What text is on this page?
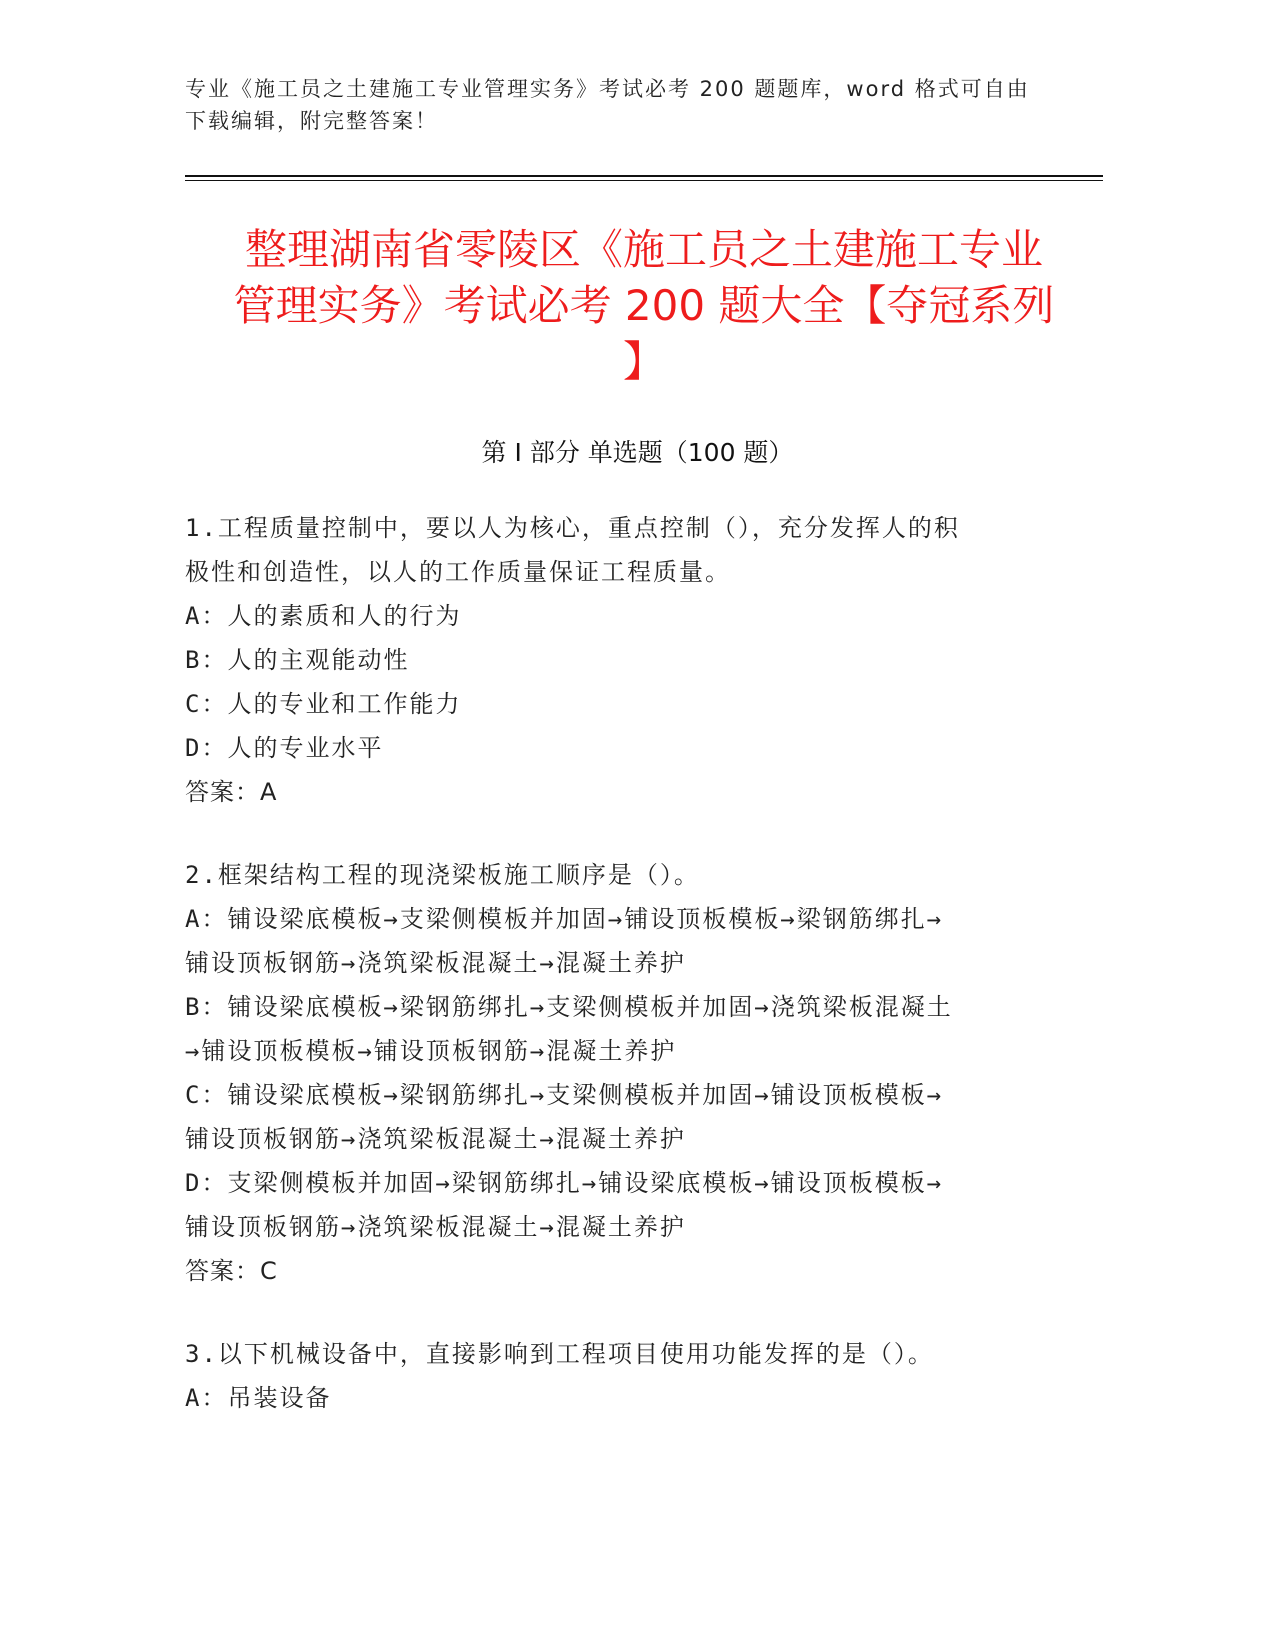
专业《施工员之土建施工专业管理实务》考试必考 200 题题库，word 格式可自由
下载编辑，附完整答案！
整理湖南省零陵区《施工员之土建施工专业
管理实务》考试必考 200 题大全【夺冠系列
】
第 I 部分 单选题（100 题）
1.工程质量控制中，要以人为核心，重点控制（），充分发挥人的积
极性和创造性，以人的工作质量保证工程质量。
A：人的素质和人的行为
B：人的主观能动性
C：人的专业和工作能力
D：人的专业水平
答案：A
2.框架结构工程的现浇梁板施工顺序是（）。
A：铺设梁底模板→支梁侧模板并加固→铺设顶板模板→梁钢筋绑扎→
铺设顶板钢筋→浇筑梁板混凝土→混凝土养护
B：铺设梁底模板→梁钢筋绑扎→支梁侧模板并加固→浇筑梁板混凝土
→铺设顶板模板→铺设顶板钢筋→混凝土养护
C：铺设梁底模板→梁钢筋绑扎→支梁侧模板并加固→铺设顶板模板→
铺设顶板钢筋→浇筑梁板混凝土→混凝土养护
D：支梁侧模板并加固→梁钢筋绑扎→铺设梁底模板→铺设顶板模板→
铺设顶板钢筋→浇筑梁板混凝土→混凝土养护
答案：C
3.以下机械设备中，直接影响到工程项目使用功能发挥的是（）。
A：吊装设备
